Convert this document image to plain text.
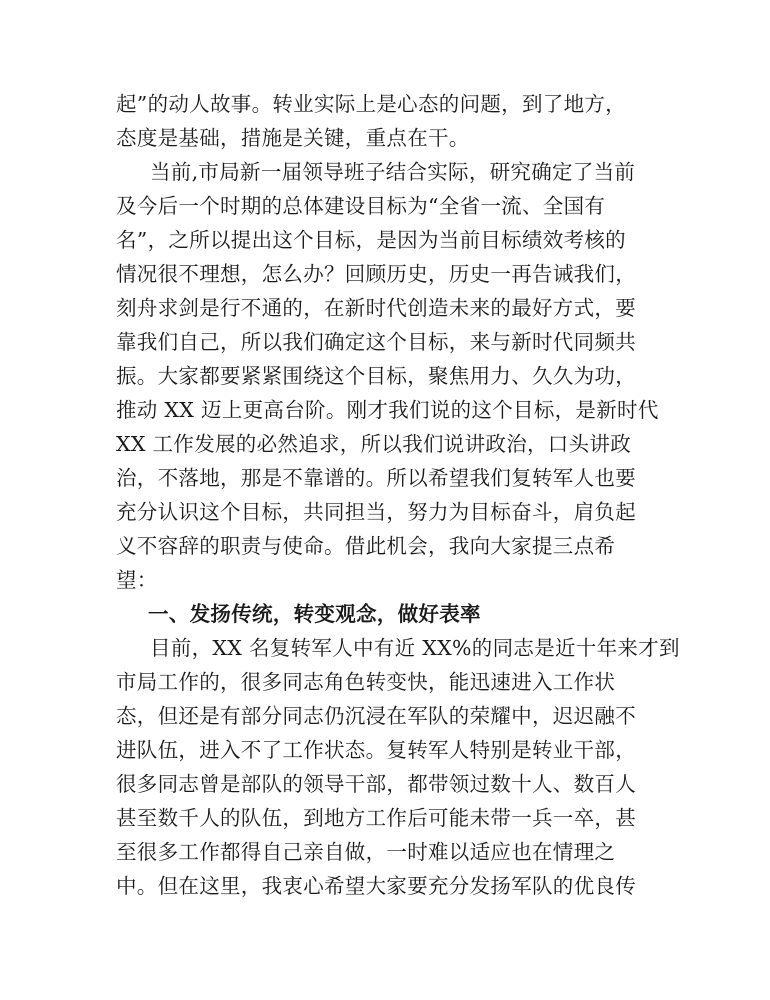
起”的动人故事。转业实际上是心态的问题，到了地方，
态度是基础，措施是关键，重点在干。
当前,市局新一届领导班子结合实际，研究确定了当前
及今后一个时期的总体建设目标为“全省一流、全国有
名”，之所以提出这个目标，是因为当前目标绩效考核的
情况很不理想，怎么办？回顾历史，历史一再告诫我们，
刻舟求剑是行不通的，在新时代创造未来的最好方式，要
靠我们自己，所以我们确定这个目标，来与新时代同频共
振。大家都要紧紧围绕这个目标，聚焦用力、久久为功，
推动 XX 迈上更高台阶。刚才我们说的这个目标，是新时代
XX 工作发展的必然追求，所以我们说讲政治，口头讲政
治，不落地，那是不靠谱的。所以希望我们复转军人也要
充分认识这个目标，共同担当，努力为目标奋斗，肩负起
义不容辞的职责与使命。借此机会，我向大家提三点希
望：
一、发扬传统，转变观念，做好表率
目前，XX 名复转军人中有近 XX%的同志是近十年来才到
市局工作的，很多同志角色转变快，能迅速进入工作状
态，但还是有部分同志仍沉浸在军队的荣耀中，迟迟融不
进队伍，进入不了工作状态。复转军人特别是转业干部，
很多同志曾是部队的领导干部，都带领过数十人、数百人
甚至数千人的队伍，到地方工作后可能未带一兵一卒，甚
至很多工作都得自己亲自做，一时难以适应也在情理之
中。但在这里，我衷心希望大家要充分发扬军队的优良传
